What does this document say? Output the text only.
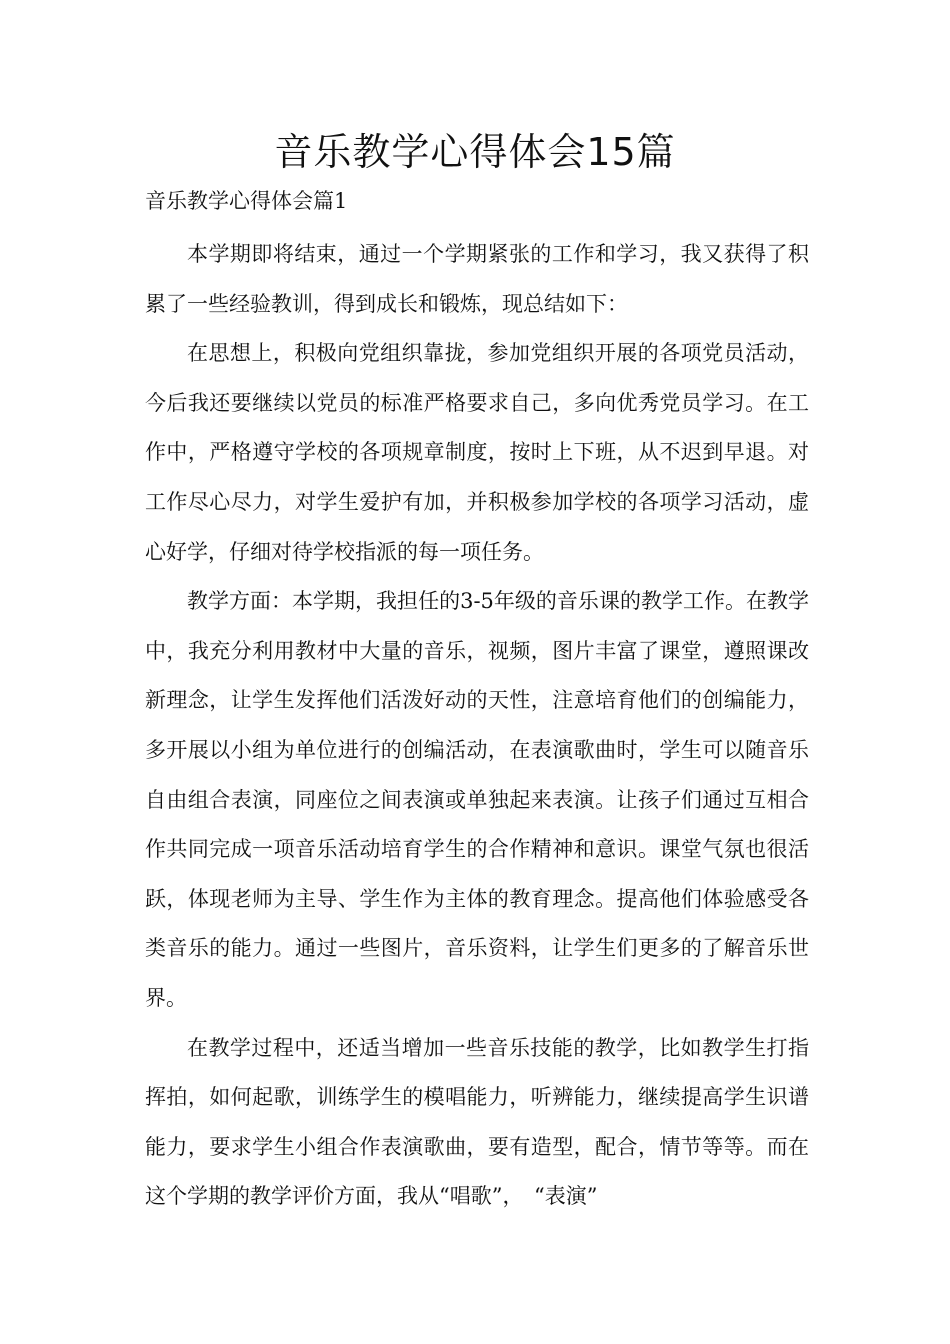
音乐教学心得体会15篇

音乐教学心得体会篇1

本学期即将结束，通过一个学期紧张的工作和学习，我又获得了积累了一些经验教训，得到成长和锻炼，现总结如下：

在思想上，积极向党组织靠拢，参加党组织开展的各项党员活动，今后我还要继续以党员的标准严格要求自己，多向优秀党员学习。在工作中，严格遵守学校的各项规章制度，按时上下班，从不迟到早退。对工作尽心尽力，对学生爱护有加，并积极参加学校的各项学习活动，虚心好学，仔细对待学校指派的每一项任务。

教学方面：本学期，我担任的3-5年级的音乐课的教学工作。在教学中，我充分利用教材中大量的音乐，视频，图片丰富了课堂，遵照课改新理念，让学生发挥他们活泼好动的天性，注意培育他们的创编能力，多开展以小组为单位进行的创编活动，在表演歌曲时，学生可以随音乐自由组合表演，同座位之间表演或单独起来表演。让孩子们通过互相合作共同完成一项音乐活动培育学生的合作精神和意识。课堂气氛也很活跃，体现老师为主导、学生作为主体的教育理念。提高他们体验感受各类音乐的能力。通过一些图片，音乐资料，让学生们更多的了解音乐世界。

在教学过程中，还适当增加一些音乐技能的教学，比如教学生打指挥拍，如何起歌，训练学生的模唱能力，听辨能力，继续提高学生识谱能力，要求学生小组合作表演歌曲，要有造型，配合，情节等等。而在这个学期的教学评价方面，我从“唱歌”，　“表演”
